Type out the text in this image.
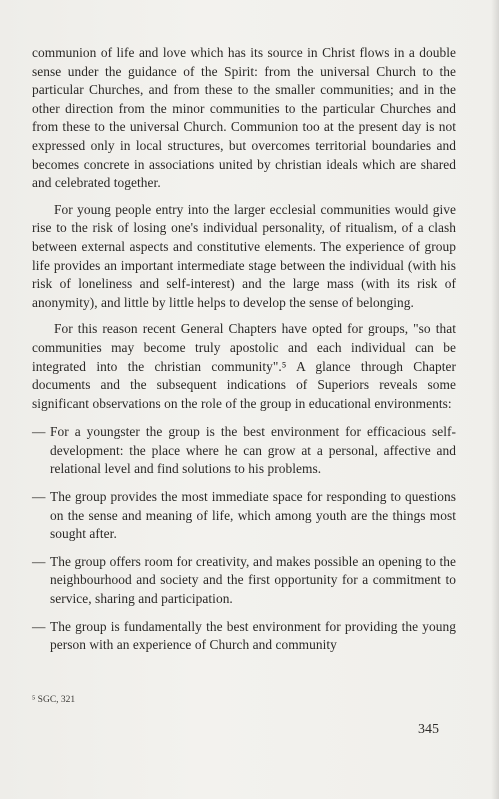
communion of life and love which has its source in Christ flows in a double sense under the guidance of the Spirit: from the universal Church to the particular Churches, and from these to the smaller communities; and in the other direction from the minor communities to the particular Churches and from these to the universal Church. Communion too at the present day is not expressed only in local structures, but overcomes territorial boundaries and becomes concrete in associations united by christian ideals which are shared and celebrated together.

For young people entry into the larger ecclesial communities would give rise to the risk of losing one's individual personality, of ritualism, of a clash between external aspects and constitutive elements. The experience of group life provides an important intermediate stage between the individual (with his risk of loneliness and self-interest) and the large mass (with its risk of anonymity), and little by little helps to develop the sense of belonging.

For this reason recent General Chapters have opted for groups, "so that communities may become truly apostolic and each individual can be integrated into the christian community".⁵ A glance through Chapter documents and the subsequent indications of Superiors reveals some significant observations on the role of the group in educational environments:

— For a youngster the group is the best environment for efficacious self-development: the place where he can grow at a personal, affective and relational level and find solutions to his problems.
— The group provides the most immediate space for responding to questions on the sense and meaning of life, which among youth are the things most sought after.
— The group offers room for creativity, and makes possible an opening to the neighbourhood and society and the first opportunity for a commitment to service, sharing and participation.
— The group is fundamentally the best environment for providing the young person with an experience of Church and community
⁵ SGC, 321
345
